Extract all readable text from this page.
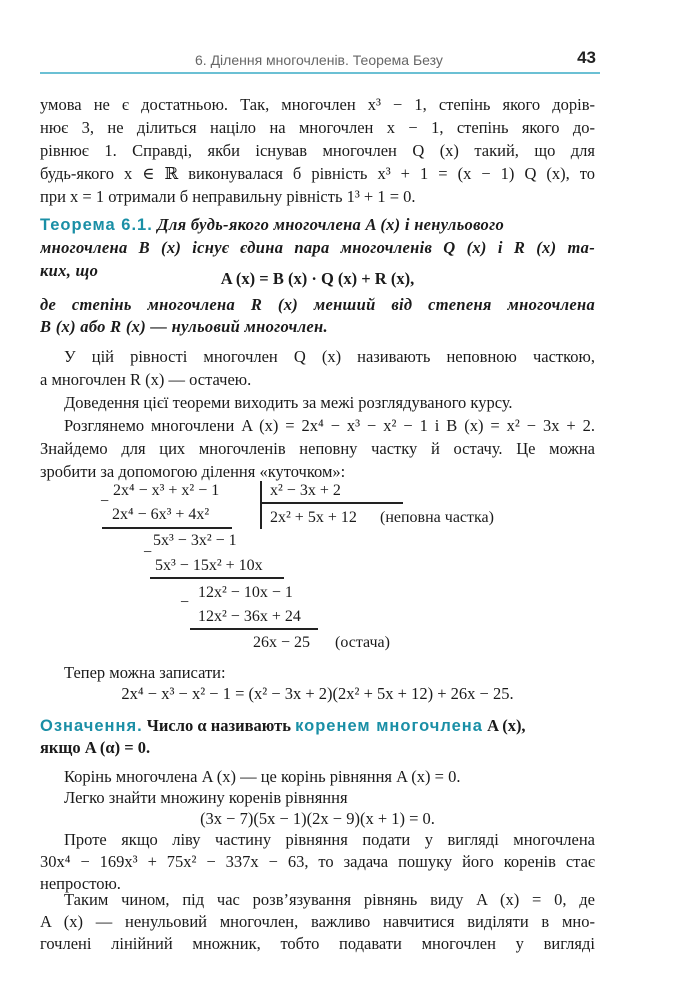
6. Ділення многочленів. Теорема Безу	43
умова не є достатньою. Так, многочлен x³ − 1, степінь якого дорів-
нює 3, не ділиться націло на многочлен x − 1, степінь якого до-
рівнює 1. Справді, якби існував многочлен Q (x) такий, що для
будь-якого x ∈ ℝ виконувалася б рівність x³ + 1 = (x − 1) Q (x), то
при x = 1 отримали б неправильну рівність 1³ + 1 = 0.
Теорема 6.1. Для будь-якого многочлена A (x) і ненульового
многочлена B (x) існує єдина пара многочленів Q (x) і R (x) та-
ких, що	A (x) = B (x) · Q (x) + R (x),
де степінь многочлена R (x) менший від степеня многочлена
B (x) або R (x) — нульовий многочлен.
У цій рівності многочлен Q (x) називають неповною часткою,
а многочлен R (x) — остачею.
Доведення цієї теореми виходить за межі розглядуваного курсу.
Розглянемо многочлени A (x) = 2x⁴ − x³ − x² − 1 і B (x) = x² − 3x + 2.
Знайдемо для цих многочленів неповну частку й остачу. Це можна
зробити за допомогою ділення «куточком»:
−
2x⁴ − x³ + x² − 1	x² − 3x + 2
2x⁴ − 6x³ + 4x²	2x² + 5x + 12 (неповна частка)
−
5x³ − 3x² − 1
5x³ − 15x² + 10x
−
12x² − 10x − 1
12x² − 36x + 24
26x − 25 (остача)
Тепер можна записати:
2x⁴ − x³ − x² − 1 = (x² − 3x + 2)(2x² + 5x + 12) + 26x − 25.
Означення. Число α називають коренем многочлена A (x),
якщо A (α) = 0.
Корінь многочлена A (x) — це корінь рівняння A (x) = 0.
Легко знайти множину коренів рівняння
(3x − 7)(5x − 1)(2x − 9)(x + 1) = 0.
Проте якщо ліву частину рівняння подати у вигляді многочлена
30x⁴ − 169x³ + 75x² − 337x − 63, то задача пошуку його коренів стає
непростою.
Таким чином, під час розв’язування рівнянь виду A (x) = 0, де
A (x) — ненульовий многочлен, важливо навчитися виділяти в мно-
гочлені лінійний множник, тобто подавати многочлен у вигляді
